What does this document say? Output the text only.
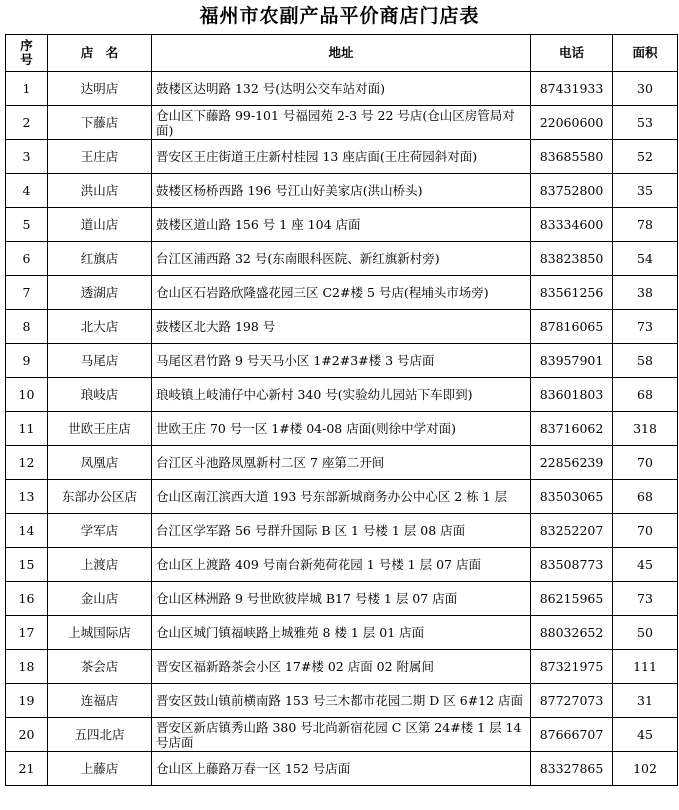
福州市农副产品平价商店门店表
序
号	店　名	地址	电话	面积
1	达明店	鼓楼区达明路 132 号(达明公交车站对面)	87431933	30
2	下藤店	仓山区下藤路 99-101 号福园苑 2-3 号 22 号店(仓山区房管局对面)	22060600	53
3	王庄店	晋安区王庄街道王庄新村桂园 13 座店面(王庄荷园斜对面)	83685580	52
4	洪山店	鼓楼区杨桥西路 196 号江山好美家店(洪山桥头)	83752800	35
5	道山店	鼓楼区道山路 156 号 1 座 104 店面	83334600	78
6	红旗店	台江区浦西路 32 号(东南眼科医院、新红旗新村旁)	83823850	54
7	透湖店	仓山区石岩路欣隆盛花园三区 C2#楼 5 号店(程埔头市场旁)	83561256	38
8	北大店	鼓楼区北大路 198 号	87816065	73
9	马尾店	马尾区君竹路 9 号天马小区 1#2#3#楼 3 号店面	83957901	58
10	琅岐店	琅岐镇上岐浦仔中心新村 340 号(实验幼儿园站下车即到)	83601803	68
11	世欧王庄店	世欧王庄 70 号一区 1#楼 04-08 店面(则徐中学对面)	83716062	318
12	凤凰店	台江区斗池路凤凰新村二区 7 座第二开间	22856239	70
13	东部办公区店	仓山区南江滨西大道 193 号东部新城商务办公中心区 2 栋 1 层	83503065	68
14	学军店	台江区学军路 56 号群升国际 B 区 1 号楼 1 层 08 店面	83252207	70
15	上渡店	仓山区上渡路 409 号南台新苑荷花园 1 号楼 1 层 07 店面	83508773	45
16	金山店	仓山区林洲路 9 号世欧彼岸城 B17 号楼 1 层 07 店面	86215965	73
17	上城国际店	仓山区城门镇福峡路上城雅苑 8 楼 1 层 01 店面	88032652	50
18	茶会店	晋安区福新路茶会小区 17#楼 02 店面 02 附属间	87321975	111
19	连福店	晋安区鼓山镇前横南路 153 号三木都市花园二期 D 区 6#12 店面	87727073	31
20	五四北店	晋安区新店镇秀山路 380 号北尚新宿花园 C 区第 24#楼 1 层 14 号店面	87666707	45
21	上藤店	仓山区上藤路万春一区 152 号店面	83327865	102
